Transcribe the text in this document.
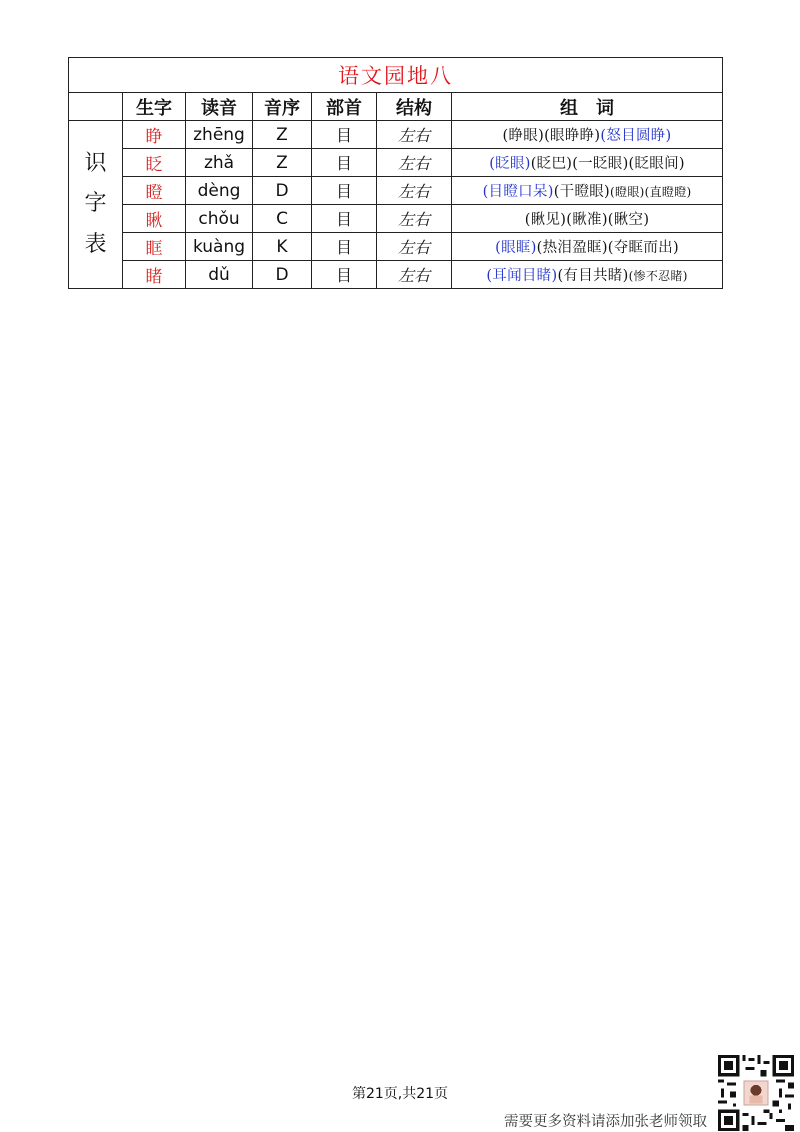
语文园地八						
	生字	读音	音序	部首	结构	组　词

识
字
表	睁	zhēng	Z	目	左右	(睁眼)(眼睁睁)(怒目圆睁)
	眨	zhǎ	Z	目	左右	(眨眼)(眨巴)(一眨眼)(眨眼间)
	瞪	dèng	D	目	左右	(目瞪口呆)(干瞪眼)(瞪眼)(直瞪瞪)
	瞅	chǒu	C	目	左右	(瞅见)(瞅准)(瞅空)
	眶	kuàng	K	目	左右	(眼眶)(热泪盈眶)(夺眶而出)
	睹	dǔ	D	目	左右	(耳闻目睹)(有目共睹)(惨不忍睹)
第21页,共21页
需要更多资料请添加张老师领取
